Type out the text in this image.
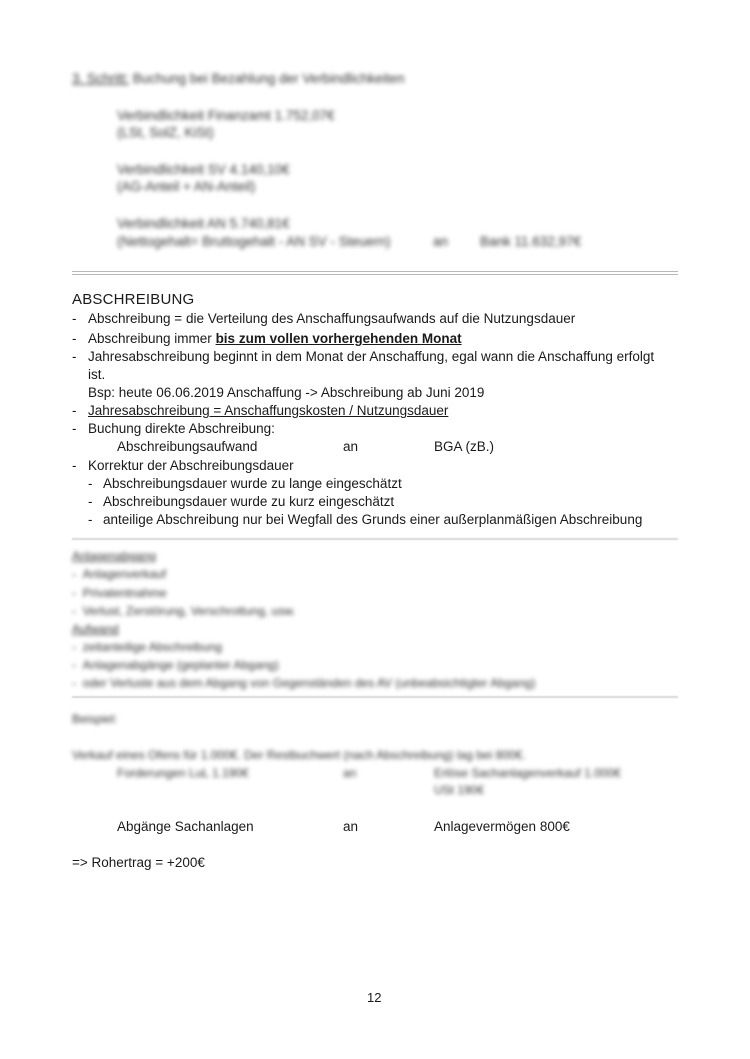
3. Schritt: Buchung bei Bezahlung der Verbindlichkeiten
Verbindlichkeit Finanzamt 1.752,07€
(LSt, SolZ, KiSt)
Verbindlichkeit SV 4.140,10€
(AG-Anteil + AN-Anteil)
Verbindlichkeit AN 5.740,81€
(Nettogehalt= Bruttogehalt - AN SV - Steuern)	an Bank 11.632,97€
ABSCHREIBUNG
- Abschreibung = die Verteilung des Anschaffungsaufwands auf die Nutzungsdauer
- Abschreibung immer bis zum vollen vorhergehenden Monat
- Jahresabschreibung beginnt in dem Monat der Anschaffung, egal wann die Anschaffung erfolgt
ist.
Bsp: heute 06.06.2019 Anschaffung -> Abschreibung ab Juni 2019
- Jahresabschreibung = Anschaffungskosten / Nutzungsdauer
- Buchung direkte Abschreibung:
Abschreibungsaufwand	an	BGA (zB.)
- Korrektur der Abschreibungsdauer
- Abschreibungsdauer wurde zu lange eingeschätzt
- Abschreibungsdauer wurde zu kurz eingeschätzt
- anteilige Abschreibung nur bei Wegfall des Grunds einer außerplanmäßigen Abschreibung
Anlagenabgang
-  Anlagenverkauf
-  Privatentnahme
-  Verlust, Zerstörung, Verschrottung, usw.
Aufwand
-  zeitanteilige Abschreibung
-  Anlagenabgänge (geplanter Abgang)
-  oder Verluste aus dem Abgang von Gegenständen des AV (unbeabsichtigter Abgang)
Beispiel:
Verkauf eines Ofens für 1.000€. Der Restbuchwert (nach Abschreibung) lag bei 800€.
Forderungen LuL 1.190€	an	Erlöse Sachanlagenverkauf 1.000€
USt 190€
Abgänge Sachanlagen	an	Anlagevermögen 800€
=> Rohertrag = +200€
12
